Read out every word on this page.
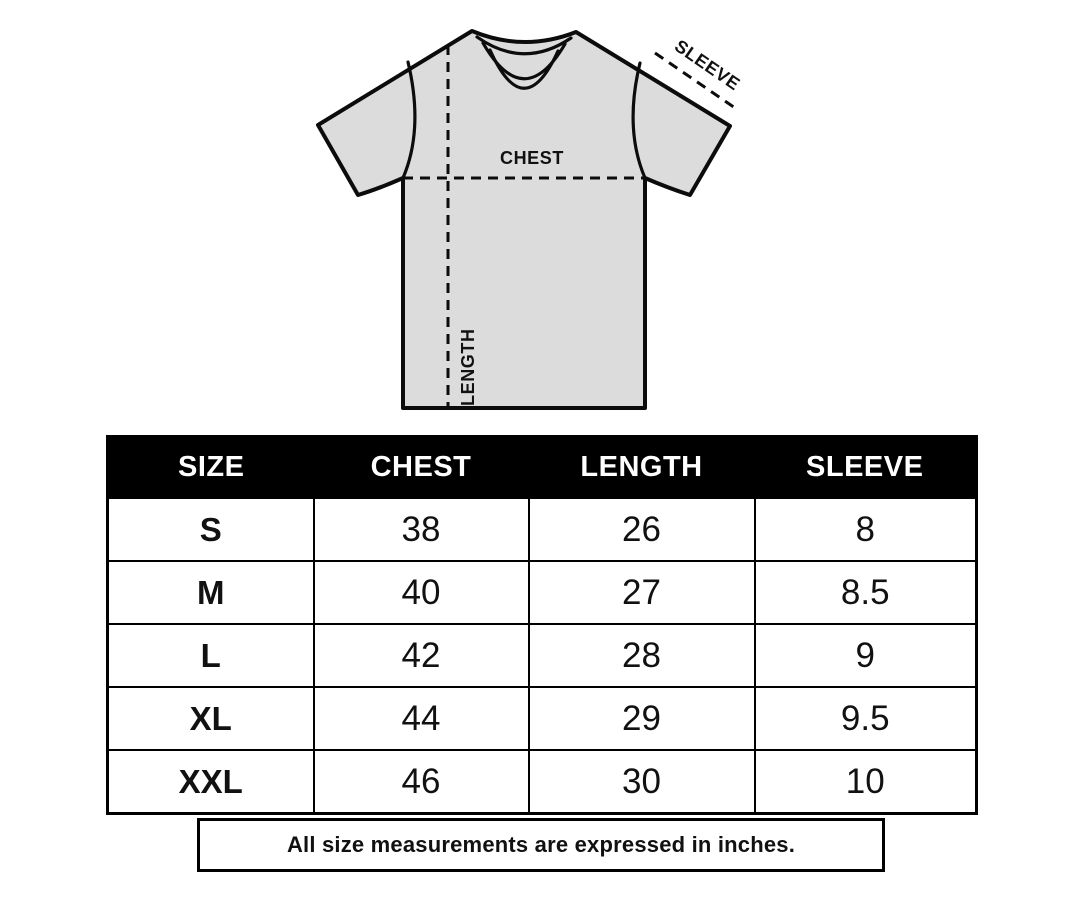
CHEST
LENGTH
SLEEVE
SIZE	CHEST	LENGTH	SLEEVE
S	38	26	8
M	40	27	8.5
L	42	28	9
XL	44	29	9.5
XXL	46	30	10
All size measurements are expressed in inches.
